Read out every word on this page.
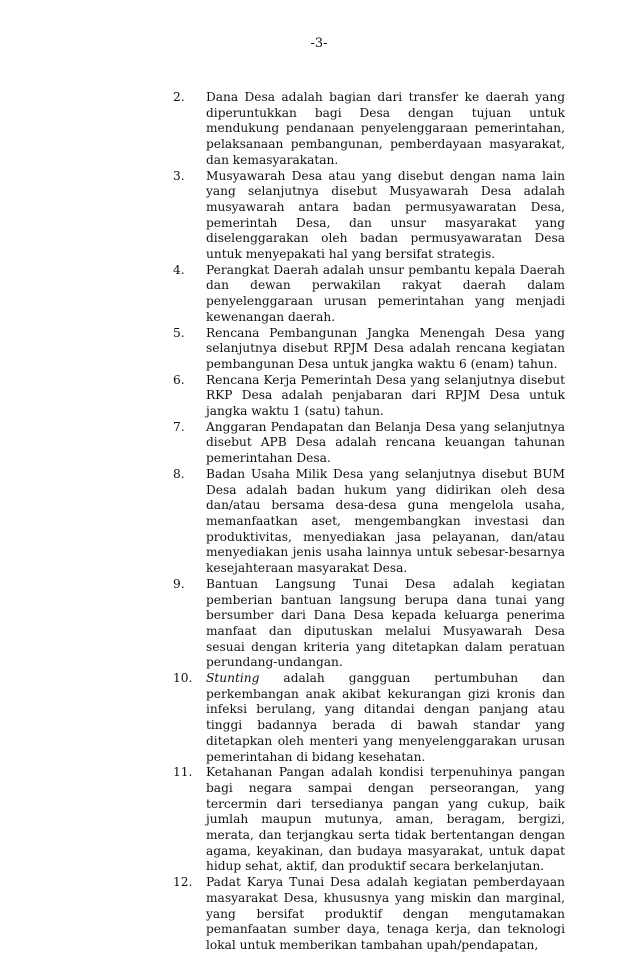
-3-
2.	Dana Desa adalah bagian dari transfer ke daerah yang diperuntukkan bagi Desa dengan tujuan untuk mendukung pendanaan penyelenggaraan pemerintahan, pelaksanaan pembangunan, pemberdayaan masyarakat, dan kemasyarakatan.
3.	Musyawarah Desa atau yang disebut dengan nama lain yang selanjutnya disebut Musyawarah Desa adalah musyawarah antara badan permusyawaratan Desa, pemerintah Desa, dan unsur masyarakat yang diselenggarakan oleh badan permusyawaratan Desa untuk menyepakati hal yang bersifat strategis.
4.	Perangkat Daerah adalah unsur pembantu kepala Daerah dan dewan perwakilan rakyat daerah dalam penyelenggaraan urusan pemerintahan yang menjadi kewenangan daerah.
5.	Rencana Pembangunan Jangka Menengah Desa yang selanjutnya disebut RPJM Desa adalah rencana kegiatan pembangunan Desa untuk jangka waktu 6 (enam) tahun.
6.	Rencana Kerja Pemerintah Desa yang selanjutnya disebut RKP Desa adalah penjabaran dari RPJM Desa untuk jangka waktu 1 (satu) tahun.
7.	Anggaran Pendapatan dan Belanja Desa yang selanjutnya disebut APB Desa adalah rencana keuangan tahunan pemerintahan Desa.
8.	Badan Usaha Milik Desa yang selanjutnya disebut BUM Desa adalah badan hukum yang didirikan oleh desa dan/atau bersama desa-desa guna mengelola usaha, memanfaatkan aset, mengembangkan investasi dan produktivitas, menyediakan jasa pelayanan, dan/atau menyediakan jenis usaha lainnya untuk sebesar-besarnya kesejahteraan masyarakat Desa.
9.	Bantuan Langsung Tunai Desa adalah kegiatan pemberian bantuan langsung berupa dana tunai yang bersumber dari Dana Desa kepada keluarga penerima manfaat dan diputuskan melalui Musyawarah Desa sesuai dengan kriteria yang ditetapkan dalam peratuan perundang-undangan.
10.	Stunting adalah gangguan pertumbuhan dan perkembangan anak akibat kekurangan gizi kronis dan infeksi berulang, yang ditandai dengan panjang atau tinggi badannya berada di bawah standar yang ditetapkan oleh menteri yang menyelenggarakan urusan pemerintahan di bidang kesehatan.
11.	Ketahanan Pangan adalah kondisi terpenuhinya pangan bagi negara sampai dengan perseorangan, yang tercermin dari tersedianya pangan yang cukup, baik jumlah maupun mutunya, aman, beragam, bergizi, merata, dan terjangkau serta tidak bertentangan dengan agama, keyakinan, dan budaya masyarakat, untuk dapat hidup sehat, aktif, dan produktif secara berkelanjutan.
12.	Padat Karya Tunai Desa adalah kegiatan pemberdayaan masyarakat Desa, khususnya yang miskin dan marginal, yang bersifat produktif dengan mengutamakan pemanfaatan sumber daya, tenaga kerja, dan teknologi lokal untuk memberikan tambahan upah/pendapatan,
